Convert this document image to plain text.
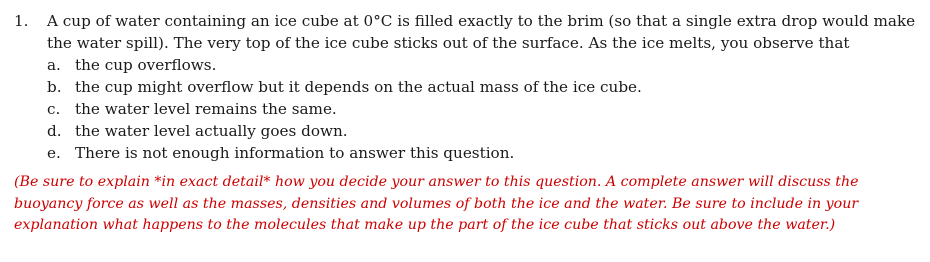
1.	A cup of water containing an ice cube at 0°C is filled exactly to the brim (so that a single extra drop would make the water spill). The very top of the ice cube sticks out of the surface. As the ice melts, you observe that
a. the cup overflows.
b. the cup might overflow but it depends on the actual mass of the ice cube.
c. the water level remains the same.
d. the water level actually goes down.
e. There is not enough information to answer this question.
(Be sure to explain *in exact detail* how you decide your answer to this question. A complete answer will discuss the buoyancy force as well as the masses, densities and volumes of both the ice and the water. Be sure to include in your explanation what happens to the molecules that make up the part of the ice cube that sticks out above the water.)
